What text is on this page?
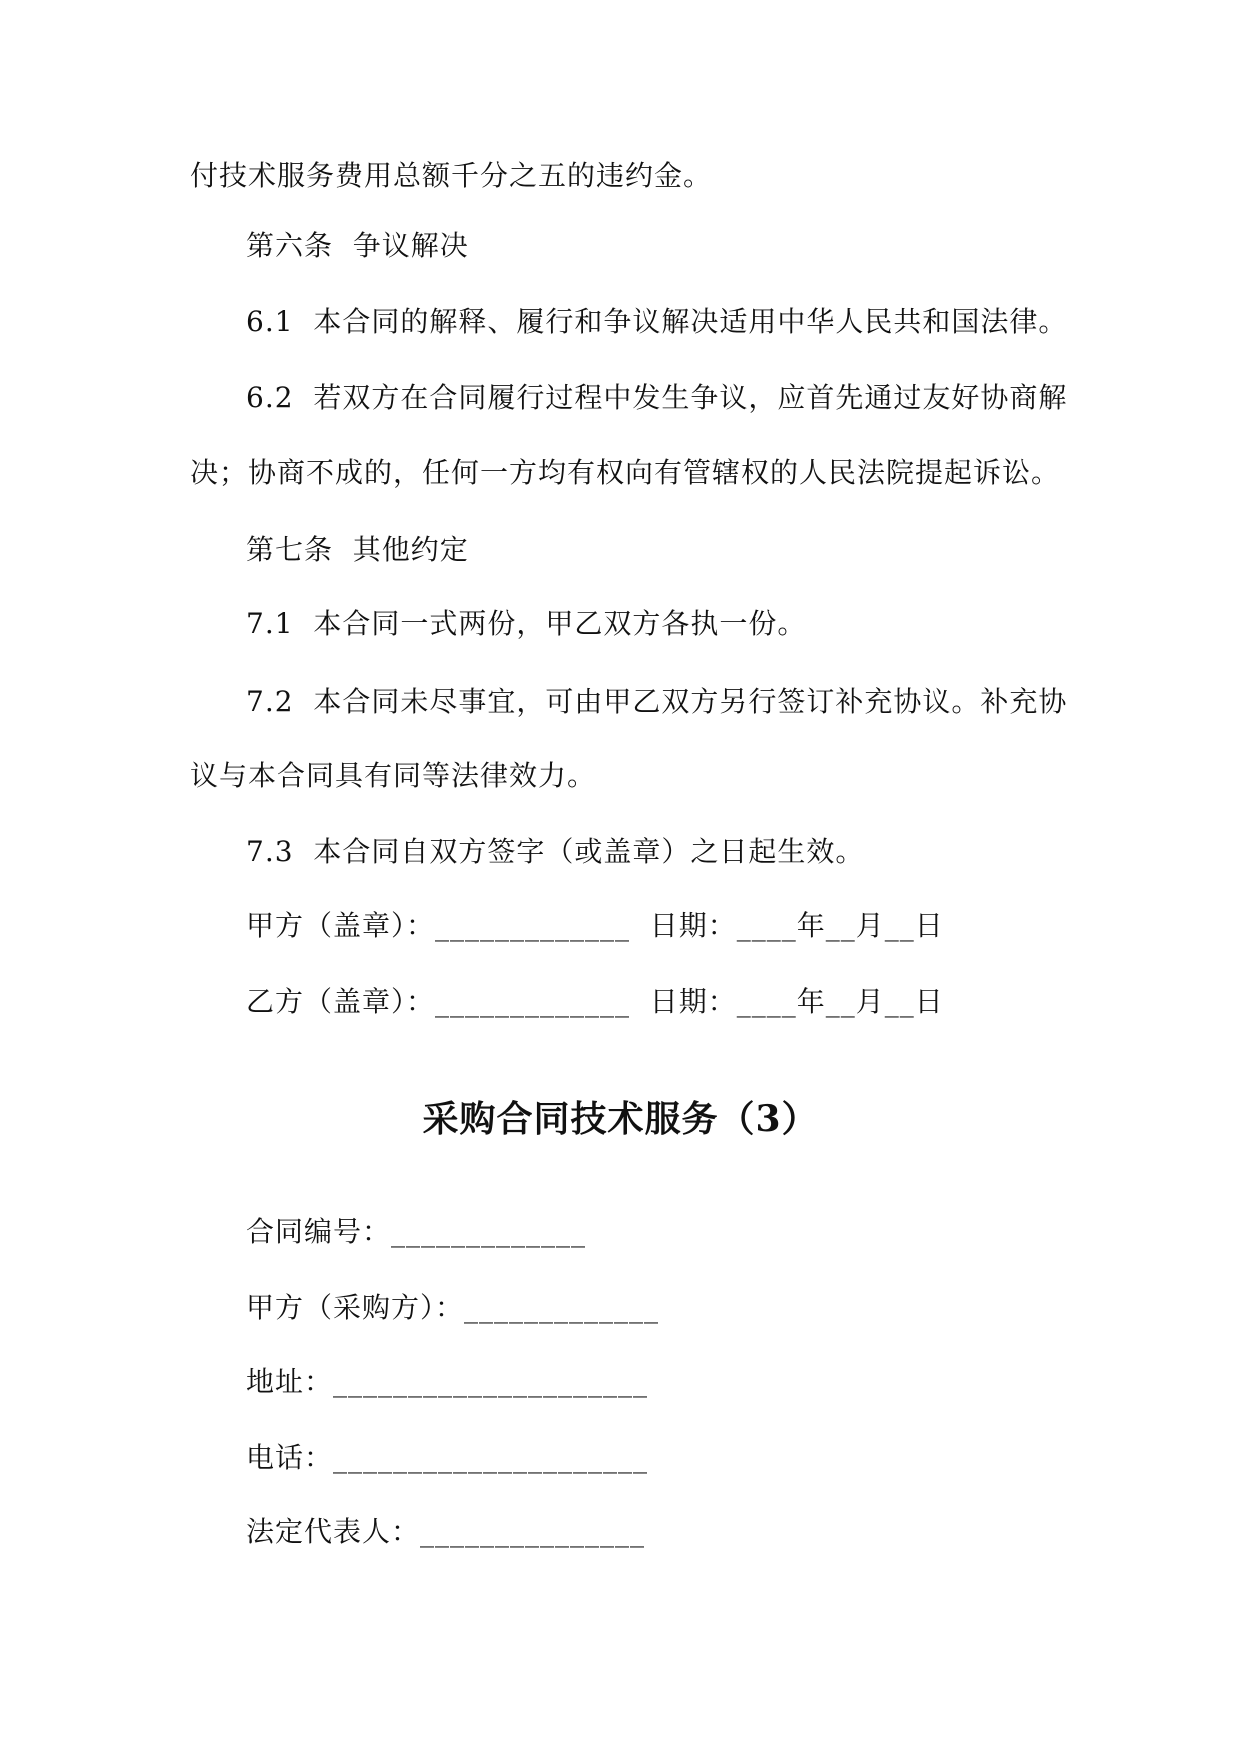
付技术服务费用总额千分之五的违约金。
第六条  争议解决
6.1  本合同的解释、履行和争议解决适用中华人民共和国法律。
6.2  若双方在合同履行过程中发生争议，应首先通过友好协商解
决；协商不成的，任何一方均有权向有管辖权的人民法院提起诉讼。
第七条  其他约定
7.1  本合同一式两份，甲乙双方各执一份。
7.2  本合同未尽事宜，可由甲乙双方另行签订补充协议。补充协
议与本合同具有同等法律效力。
7.3  本合同自双方签字（或盖章）之日起生效。
甲方（盖章）：_____________  日期：____年__月__日
乙方（盖章）：_____________  日期：____年__月__日
采购合同技术服务（3）
合同编号：_____________
甲方（采购方）：_____________
地址：_____________________
电话：_____________________
法定代表人：_______________
